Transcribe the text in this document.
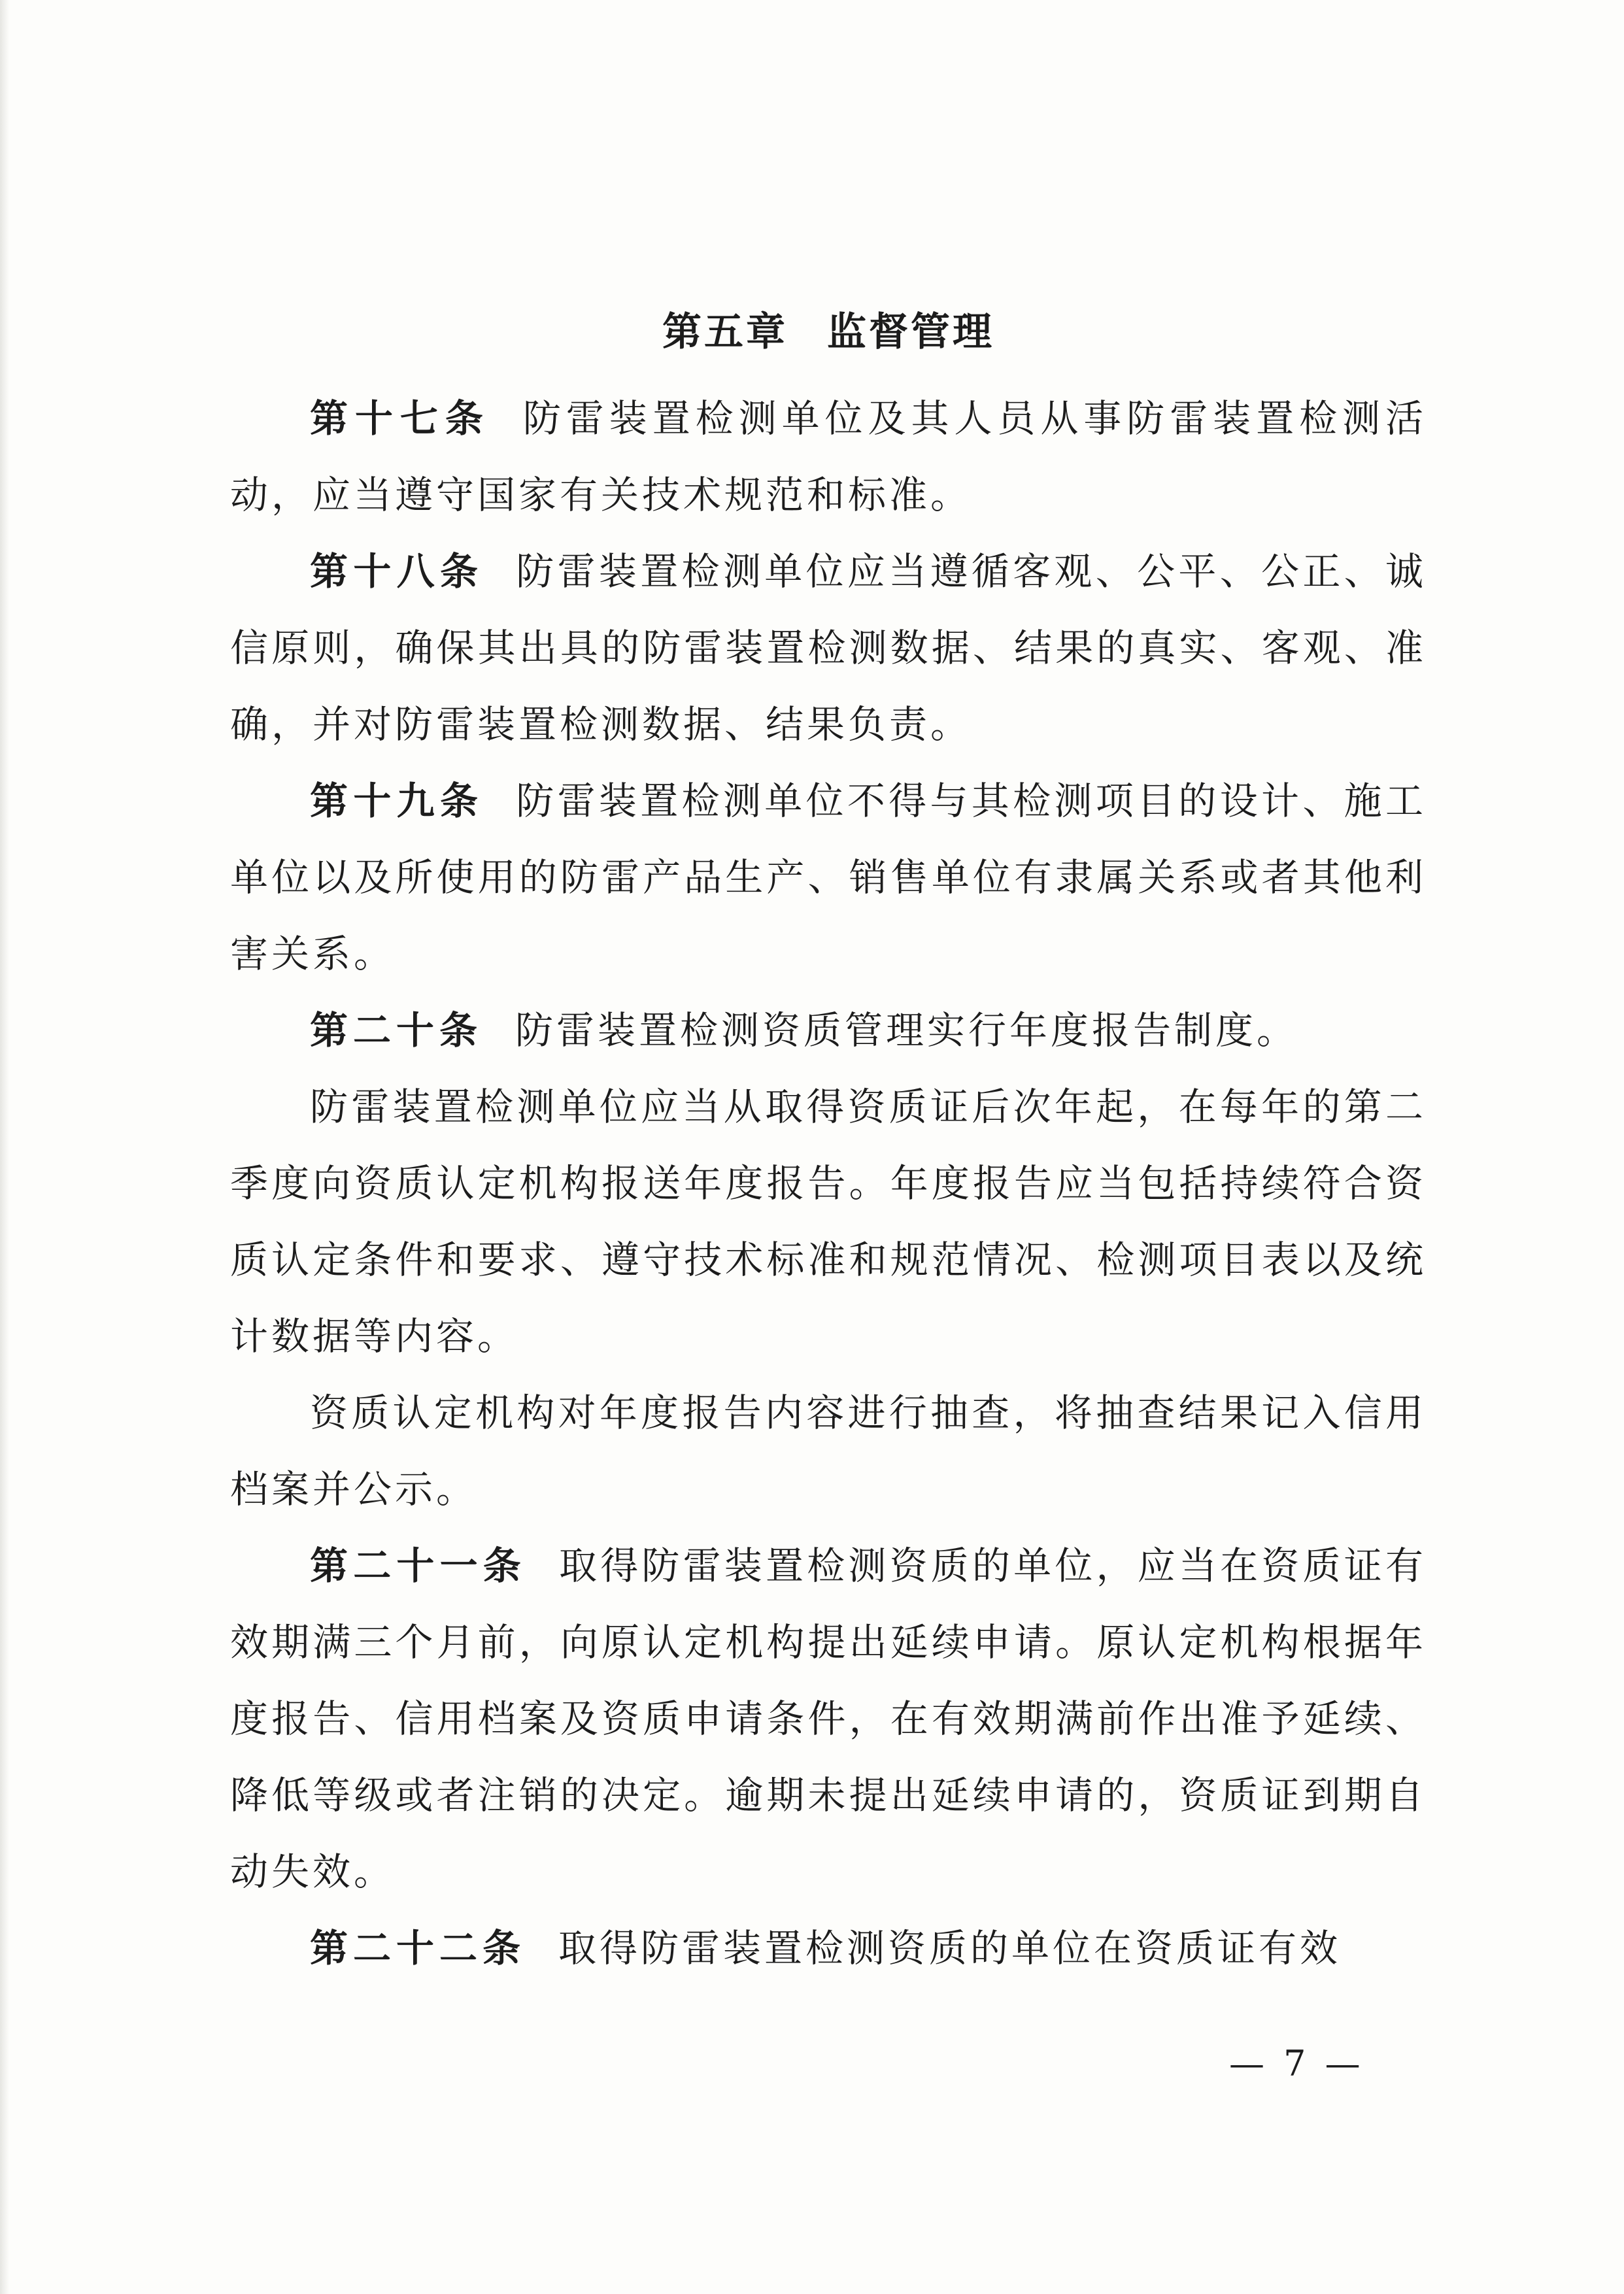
第五章 监督管理

第十七条 防雷装置检测单位及其人员从事防雷装置检测活动，应当遵守国家有关技术规范和标准。

第十八条 防雷装置检测单位应当遵循客观、公平、公正、诚信原则，确保其出具的防雷装置检测数据、结果的真实、客观、准确，并对防雷装置检测数据、结果负责。

第十九条 防雷装置检测单位不得与其检测项目的设计、施工单位以及所使用的防雷产品生产、销售单位有隶属关系或者其他利害关系。

第二十条 防雷装置检测资质管理实行年度报告制度。

防雷装置检测单位应当从取得资质证后次年起，在每年的第二季度向资质认定机构报送年度报告。年度报告应当包括持续符合资质认定条件和要求、遵守技术标准和规范情况、检测项目表以及统计数据等内容。

资质认定机构对年度报告内容进行抽查，将抽查结果记入信用档案并公示。

第二十一条 取得防雷装置检测资质的单位，应当在资质证有效期满三个月前，向原认定机构提出延续申请。原认定机构根据年度报告、信用档案及资质申请条件，在有效期满前作出准予延续、降低等级或者注销的决定。逾期未提出延续申请的，资质证到期自动失效。

第二十二条 取得防雷装置检测资质的单位在资质证有效

— 7 —
